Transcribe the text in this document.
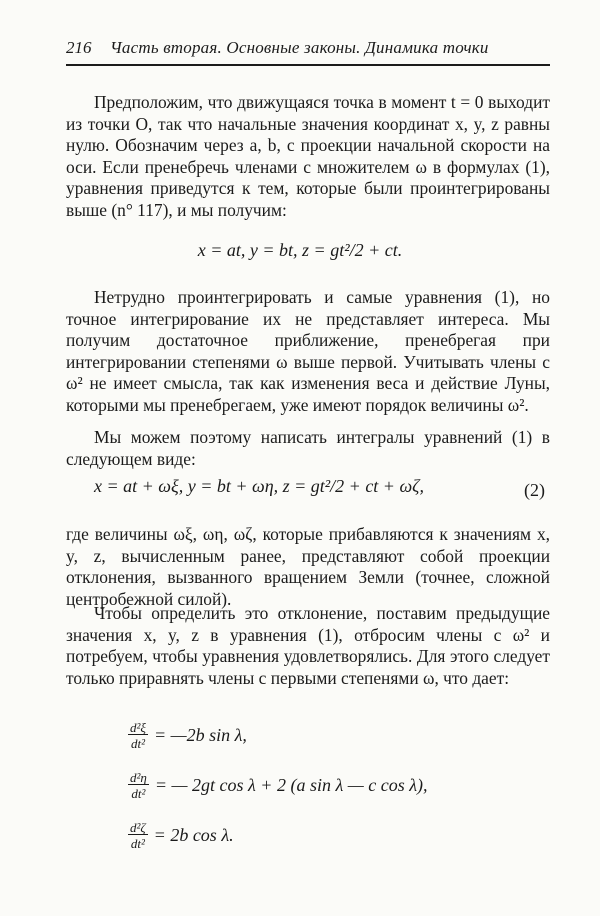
216 Часть вторая. Основные законы. Динамика точки
Предположим, что движущаяся точка в момент t = 0 выходит из точки O, так что начальные значения координат x, y, z равны нулю. Обозначим через a, b, c проекции начальной скорости на оси. Если пренебречь членами с множителем ω в формулах (1), уравнения приведутся к тем, которые были проинтегрированы выше (n° 117), и мы получим:
x = at, y = bt, z = gt²/2 + ct.
Нетрудно проинтегрировать и самые уравнения (1), но точное интегрирование их не представляет интереса. Мы получим достаточное приближение, пренебрегая при интегрировании степенями ω выше первой. Учитывать члены с ω² не имеет смысла, так как изменения веса и действие Луны, которыми мы пренебрегаем, уже имеют порядок величины ω².
Мы можем поэтому написать интегралы уравнений (1) в следующем виде:
x = at + ωξ, y = bt + ωη, z = gt²/2 + ct + ωζ,	(2)
где величины ωξ, ωη, ωζ, которые прибавляются к значениям x, y, z, вычисленным ранее, представляют собой проекции отклонения, вызванного вращением Земли (точнее, сложной центробежной силой).
Чтобы определить это отклонение, поставим предыдущие значения x, y, z в уравнения (1), отбросим члены с ω² и потребуем, чтобы уравнения удовлетворялись. Для этого следует только приравнять члены с первыми степенями ω, что дает:
$\frac{\text{d²ξ}}{\text{dt²}}$ = —2b sin λ,
$\frac{\text{d²η}}{\text{dt²}}$ = — 2gt cos λ + 2 (a sin λ — c cos λ),
$\frac{\text{d²ζ}}{\text{dt²}} = 2b$ cos λ.
